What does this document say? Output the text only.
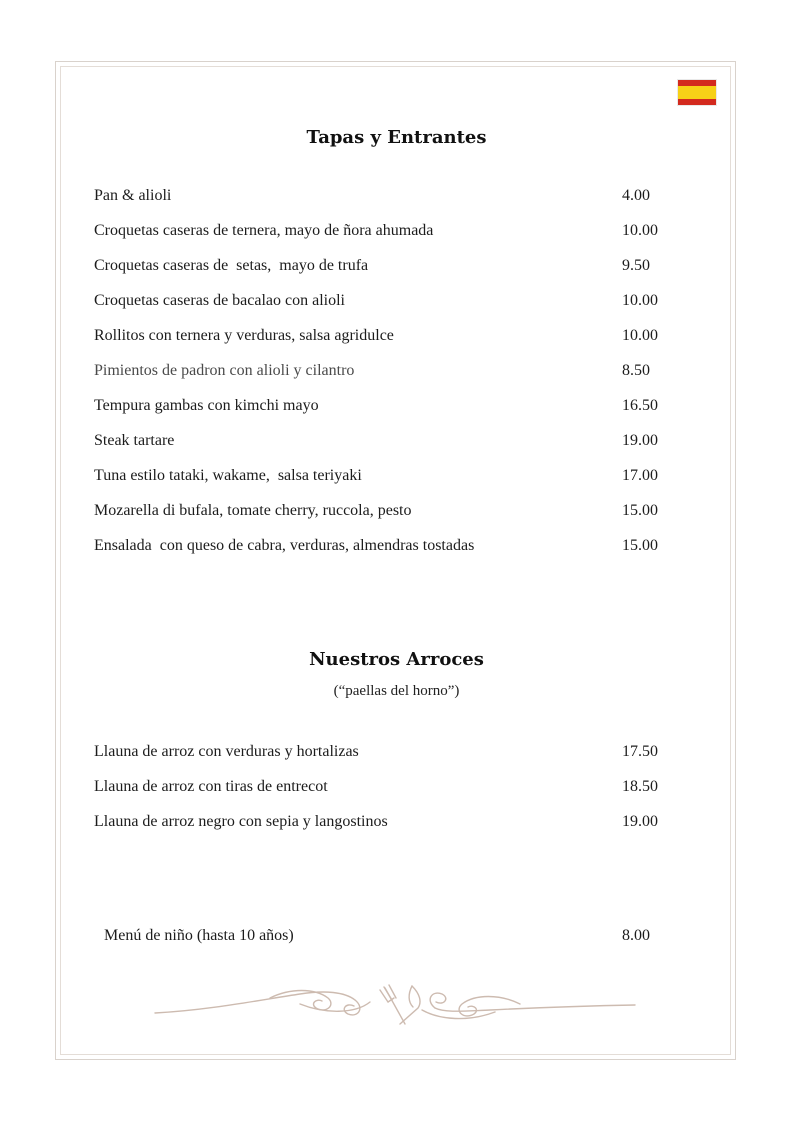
Tapas y Entrantes
Pan & alioli	4.00
Croquetas caseras de ternera, mayo de ñora ahumada	10.00
Croquetas caseras de  setas,  mayo de trufa	9.50
Croquetas caseras de bacalao con alioli	10.00
Rollitos con ternera y verduras, salsa agridulce	10.00
Pimientos de padron con alioli y cilantro	8.50
Tempura gambas con kimchi mayo	16.50
Steak tartare	19.00
Tuna estilo tataki, wakame,  salsa teriyaki	17.00
Mozarella di bufala, tomate cherry, ruccola, pesto	15.00
Ensalada  con queso de cabra, verduras, almendras tostadas	15.00
Nuestros Arroces
(“paellas del horno”)
Llauna de arroz con verduras y hortalizas	17.50
Llauna de arroz con tiras de entrecot	18.50
Llauna de arroz negro con sepia y langostinos	19.00
Menú de niño (hasta 10 años)	8.00
